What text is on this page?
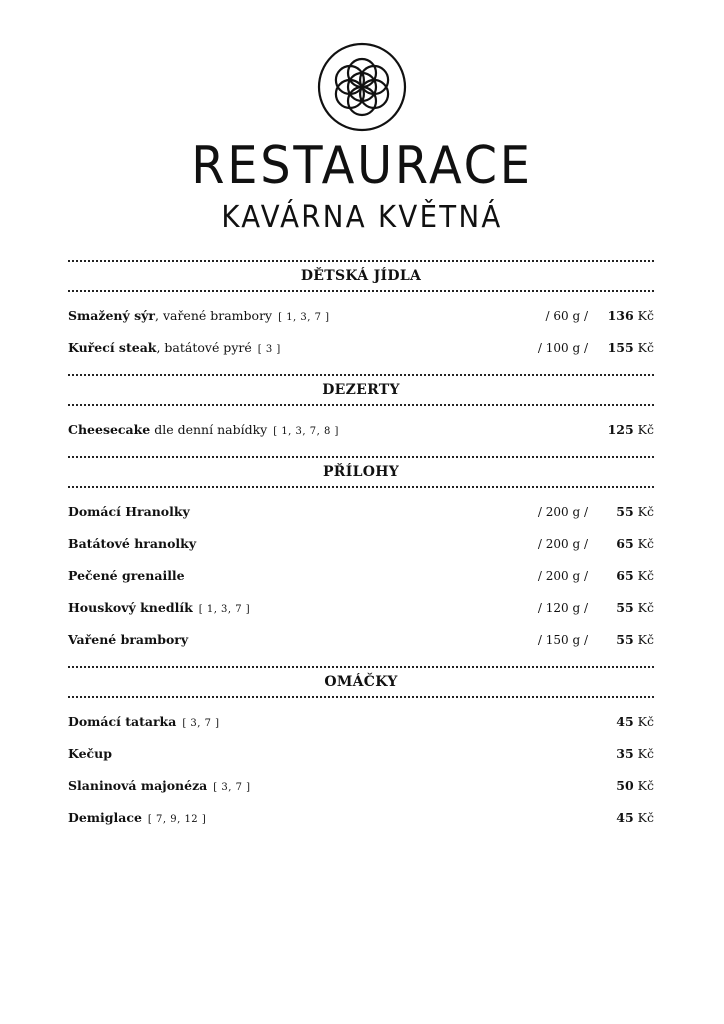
RESTAURACE
KAVÁRNA KVĚTNÁ
DĚTSKÁ JÍDLA
Smažený sýr, vařené brambory [ 1, 3, 7 ]	/ 60 g / 136 Kč
Kuřecí steak, batátové pyré [ 3 ]	/ 100 g / 155 Kč
DEZERTY
Cheesecake dle denní nabídky [ 1, 3, 7, 8 ]	125 Kč
PŘÍLOHY
Domácí Hranolky	/ 200 g / 55 Kč
Batátové hranolky	/ 200 g / 65 Kč
Pečené grenaille	/ 200 g / 65 Kč
Houskový knedlík [ 1, 3, 7 ]	/ 120 g / 55 Kč
Vařené brambory	/ 150 g / 55 Kč
OMÁČKY
Domácí tatarka [ 3, 7 ]	45 Kč
Kečup	35 Kč
Slaninová majonéza [ 3, 7 ]	50 Kč
Demiglace [ 7, 9, 12 ]	45 Kč
